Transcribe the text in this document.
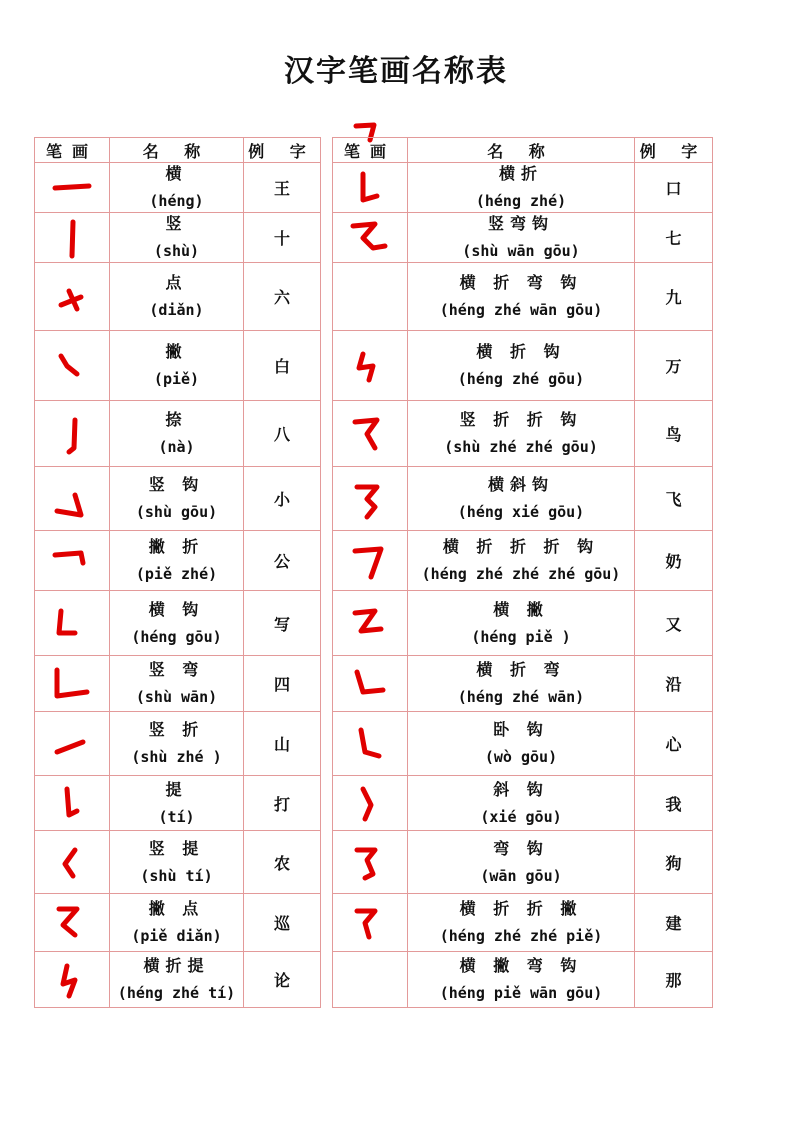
汉字笔画名称表
笔画	名 称	例 字

横
(héng)	王

竖
(shù)	十

点
(diǎn)	六

撇
(piě)	白

捺
(nà)	八

竖 钩
(shù gōu)	小

撇 折
(piě zhé)	公

横 钩
(héng gōu)	写

竖 弯
(shù wān)	四

竖 折
(shù zhé )	山

提
(tí)	打

竖 提
(shù tí)	农

撇 点
(piě diǎn)	巡

横折提
(héng zhé tí)	论
笔画	名 称	例 字

横折
(héng zhé)	口

竖弯钩
(shù wān gōu)	七

	横 折 弯 钩
(héng zhé wān gōu)	九

横 折 钩
(héng zhé gōu)	万

竖 折 折 钩
(shù zhé zhé gōu)	鸟

横斜钩
(héng xié gōu)	飞

横 折 折 折 钩
(héng zhé zhé zhé gōu)	奶

横 撇
(héng piě )	又

横 折 弯
(héng zhé wān)	沿

卧 钩
(wò gōu)	心

斜 钩
(xié gōu)	我

弯 钩
(wān gōu)	狗

横 折 折 撇
(héng zhé zhé piě)	建

	横 撇 弯 钩
(héng piě wān gōu)	那
